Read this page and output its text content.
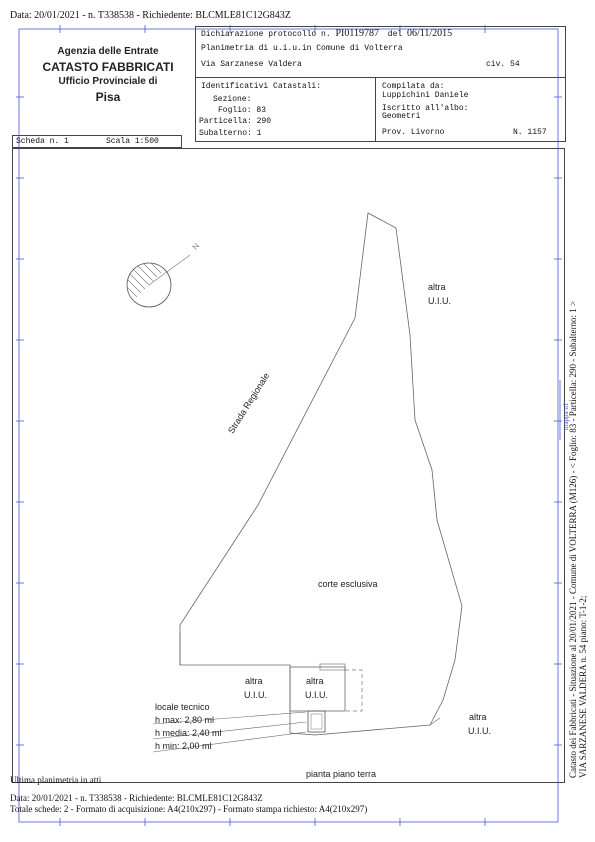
Data: 20/01/2021 - n. T338538 - Richiedente: BLCMLE81C12G843Z
Agenzia delle Entrate
CATASTO FABBRICATI
Ufficio Provinciale di
Pisa
Dichiarazione protocollo n. PI0119787 del 06/11/2015
Planimetria di u.i.u.in Comune di Volterra
Via Sarzanese Valdera	civ. 54
Identificativi Catastali:
Sezione:
Foglio: 83
Particella: 290
Subalterno: 1
Compilata da:
Luppichini Daniele
Iscritto all'albo:
Geometri
Prov. Livorno	N. 1157
Scheda n. 1	Scala 1:500
N
Strada Regionale
altra
U.I.U.
corte esclusiva
altra
U.I.U.
altra
U.I.U.
altra
U.I.U.
locale tecnico
h max: 2,80 ml
h media: 2,40 ml
h min: 2,00 ml
pianta piano terra	Catasto dei Fabbricati - Situazione al 20/01/2021 - Comune di VOLTERRA (M126) - < Foglio: 83 - Particella: 290 - Subalterno: 1 > VIA SARZANESE VALDERA n. 54 piano: T-1-2;
mappa n1
Ultima planimetria in atti
Data: 20/01/2021 - n. T338538 - Richiedente: BLCMLE81C12G843Z
Totale schede: 2 - Formato di acquisizione: A4(210x297) - Formato stampa richiesto: A4(210x297)
